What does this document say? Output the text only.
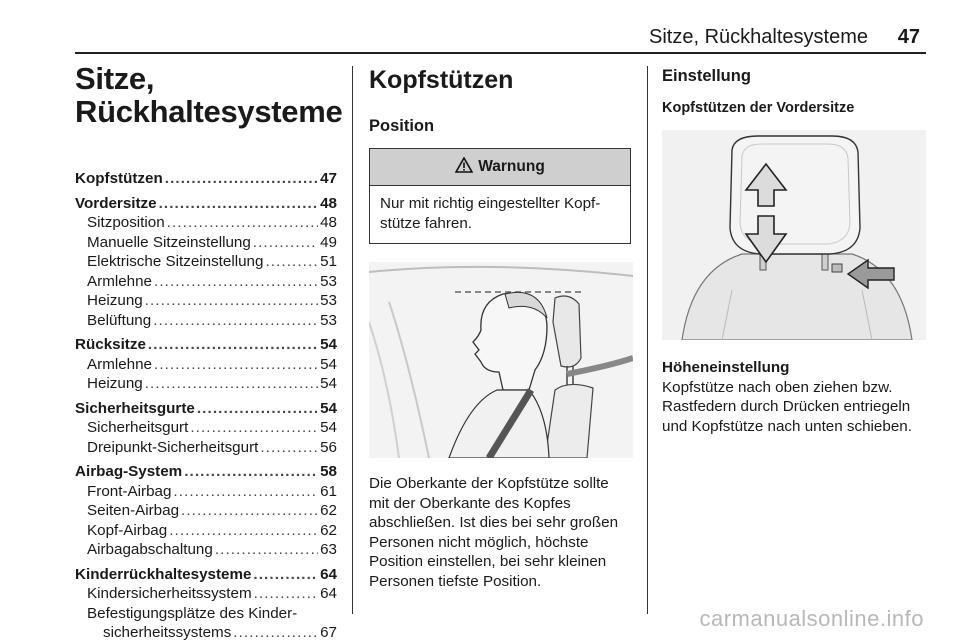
Sitze, Rückhaltesysteme 47
Sitze,
Rückhaltesysteme
Kopfstützen .....	47
Vordersitze .....	48
Sitzposition .....	48
Manuelle Sitzeinstellung .....	49
Elektrische Sitzeinstellung .....	51
Armlehne .....	53
Heizung .....	53
Belüftung .....	53
Rücksitze .....	54
Armlehne .....	54
Heizung .....	54
Sicherheitsgurte .....	54
Sicherheitsgurt .....	54
Dreipunkt-Sicherheitsgurt .....	56
Airbag-System .....	58
Front-Airbag .....	61
Seiten-Airbag .....	62
Kopf-Airbag .....	62
Airbagabschaltung .....	63
Kinderrückhaltesysteme .....	64
Kindersicherheitssystem .....	64
Befestigungsplätze des Kinder-
sicherheitssystems .....	67
Kopfstützen
Position
Warnung
Nur mit richtig eingestellter Kopfstütze fahren.

Die Oberkante der Kopfstütze sollte mit der Oberkante des Kopfes abschließen. Ist dies bei sehr großen Personen nicht möglich, höchste Position einstellen, bei sehr kleinen Personen tiefste Position.

Einstellung
Kopfstützen der Vordersitze

Höheneinstellung

Kopfstütze nach oben ziehen bzw. Rastfedern durch Drücken entriegeln und Kopfstütze nach unten schieben.

carmanualsonline.info
